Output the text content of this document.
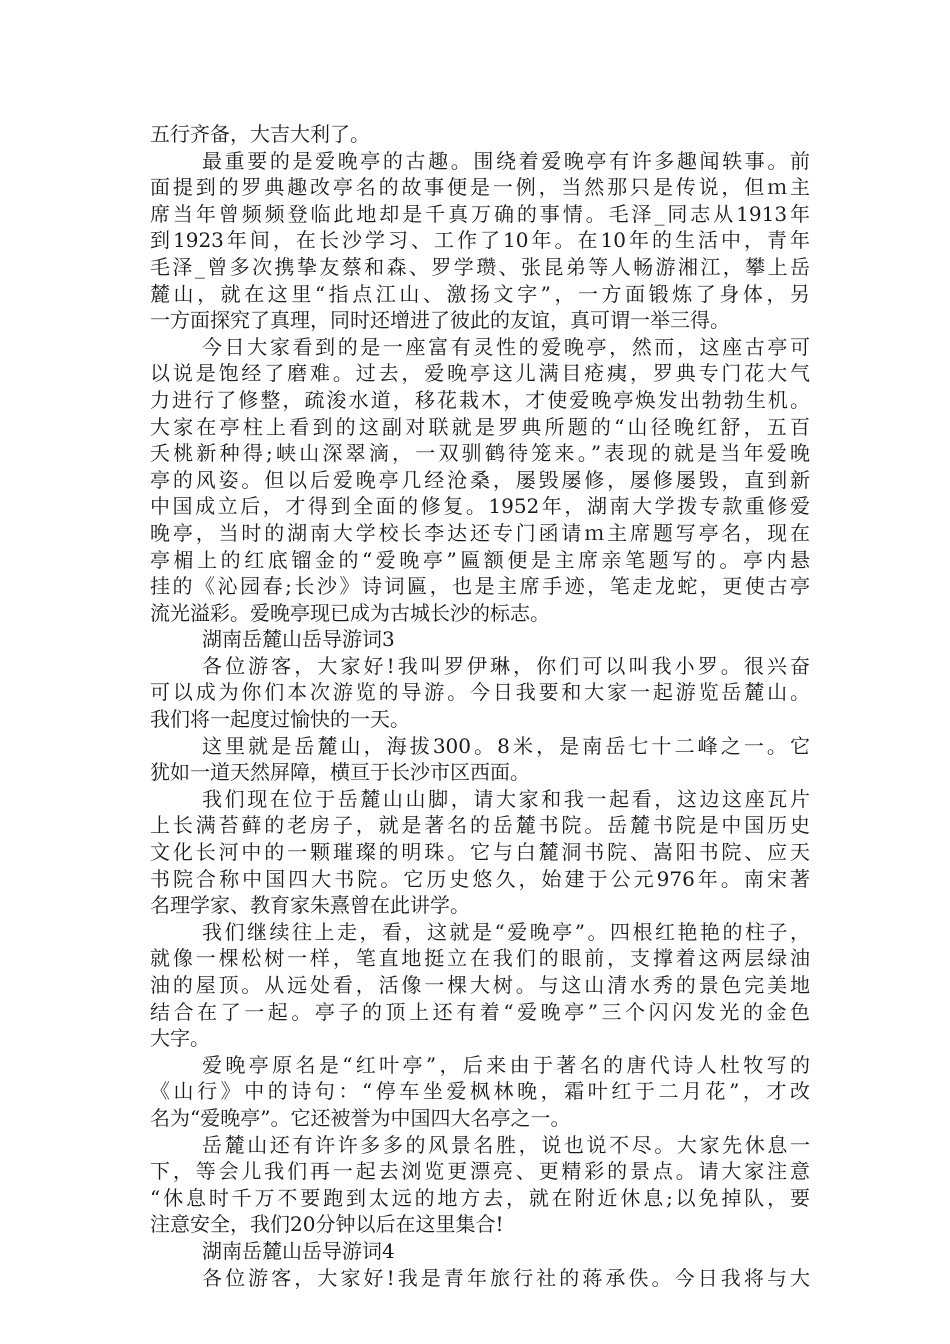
五行齐备，大吉大利了。
最重要的是爱晚亭的古趣。围绕着爱晚亭有许多趣闻轶事。前
面提到的罗典趣改亭名的故事便是一例，当然那只是传说，但ｍ主
席当年曾频频登临此地却是千真万确的事情。毛泽_同志从1913年
到1923年间，在长沙学习、工作了10年。在10年的生活中，青年
毛泽_曾多次携挚友蔡和森、罗学瓒、张昆弟等人畅游湘江，攀上岳
麓山，就在这里“指点江山、激扬文字”，一方面锻炼了身体，另
一方面探究了真理，同时还增进了彼此的友谊，真可谓一举三得。
今日大家看到的是一座富有灵性的爱晚亭，然而，这座古亭可
以说是饱经了磨难。过去，爱晚亭这儿满目疮痍，罗典专门花大气
力进行了修整，疏浚水道，移花栽木，才使爱晚亭焕发出勃勃生机。
大家在亭柱上看到的这副对联就是罗典所题的“山径晚红舒，五百
夭桃新种得;峡山深翠滴，一双驯鹤待笼来。”表现的就是当年爱晚
亭的风姿。但以后爱晚亭几经沧桑，屡毁屡修，屡修屡毁，直到新
中国成立后，才得到全面的修复。1952年，湖南大学拨专款重修爱
晚亭，当时的湖南大学校长李达还专门函请ｍ主席题写亭名，现在
亭楣上的红底镏金的“爱晚亭”匾额便是主席亲笔题写的。亭内悬
挂的《沁园春;长沙》诗词匾，也是主席手迹，笔走龙蛇，更使古亭
流光溢彩。爱晚亭现已成为古城长沙的标志。
湖南岳麓山岳导游词3
各位游客，大家好!我叫罗伊琳，你们可以叫我小罗。很兴奋
可以成为你们本次游览的导游。今日我要和大家一起游览岳麓山。
我们将一起度过愉快的一天。
这里就是岳麓山，海拔300。8米，是南岳七十二峰之一。它
犹如一道天然屏障，横亘于长沙市区西面。
我们现在位于岳麓山山脚，请大家和我一起看，这边这座瓦片
上长满苔藓的老房子，就是著名的岳麓书院。岳麓书院是中国历史
文化长河中的一颗璀璨的明珠。它与白麓洞书院、嵩阳书院、应天
书院合称中国四大书院。它历史悠久，始建于公元976年。南宋著
名理学家、教育家朱熹曾在此讲学。
我们继续往上走，看，这就是“爱晚亭”。四根红艳艳的柱子，
就像一棵松树一样，笔直地挺立在我们的眼前，支撑着这两层绿油
油的屋顶。从远处看，活像一棵大树。与这山清水秀的景色完美地
结合在了一起。亭子的顶上还有着“爱晚亭”三个闪闪发光的金色
大字。
爱晚亭原名是“红叶亭”，后来由于著名的唐代诗人杜牧写的
《山行》中的诗句：“停车坐爱枫林晚，霜叶红于二月花”，才改
名为“爱晚亭”。它还被誉为中国四大名亭之一。
岳麓山还有许许多多的风景名胜，说也说不尽。大家先休息一
下，等会儿我们再一起去浏览更漂亮、更精彩的景点。请大家注意
“休息时千万不要跑到太远的地方去，就在附近休息;以免掉队，要
注意安全，我们20分钟以后在这里集合!
湖南岳麓山岳导游词4
各位游客，大家好!我是青年旅行社的蒋承佚。今日我将与大
